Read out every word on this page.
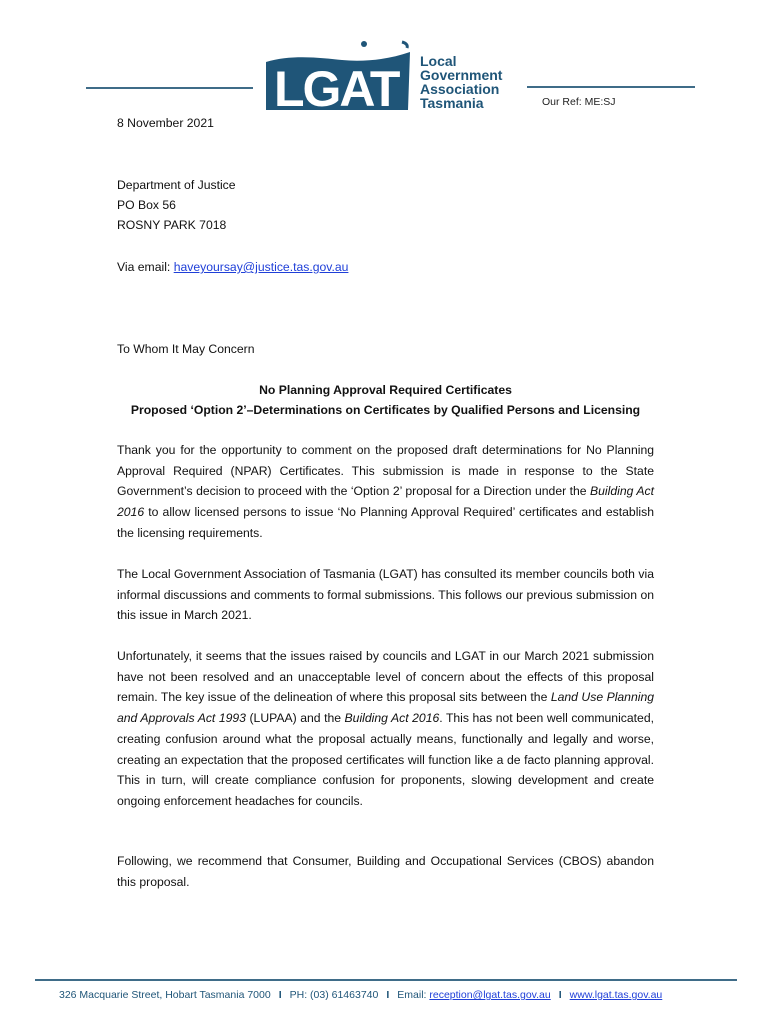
LGAT Local
Government
Association
Tasmania	Our Ref: ME:SJ
8 November 2021
Department of Justice
PO Box 56
ROSNY PARK 7018
Via email: haveyoursay@justice.tas.gov.au
To Whom It May Concern
No Planning Approval Required Certificates
Proposed ‘Option 2’–Determinations on Certificates by Qualified Persons and Licensing
Thank you for the opportunity to comment on the proposed draft determinations for No Planning Approval Required (NPAR) Certificates. This submission is made in response to the State Government’s decision to proceed with the ‘Option 2’ proposal for a Direction under the Building Act 2016 to allow licensed persons to issue ‘No Planning Approval Required’ certificates and establish the licensing requirements.
The Local Government Association of Tasmania (LGAT) has consulted its member councils both via informal discussions and comments to formal submissions. This follows our previous submission on this issue in March 2021.
Unfortunately, it seems that the issues raised by councils and LGAT in our March 2021 submission have not been resolved and an unacceptable level of concern about the effects of this proposal remain. The key issue of the delineation of where this proposal sits between the Land Use Planning and Approvals Act 1993 (LUPAA) and the Building Act 2016. This has not been well communicated, creating confusion around what the proposal actually means, functionally and legally and worse, creating an expectation that the proposed certificates will function like a de facto planning approval. This in turn, will create compliance confusion for proponents, slowing development and create ongoing enforcement headaches for councils.
Following, we recommend that Consumer, Building and Occupational Services (CBOS) abandon this proposal.
326 Macquarie Street, Hobart Tasmania 7000 I PH: (03) 61463740 I Email: reception@lgat.tas.gov.au I www.lgat.tas.gov.au
